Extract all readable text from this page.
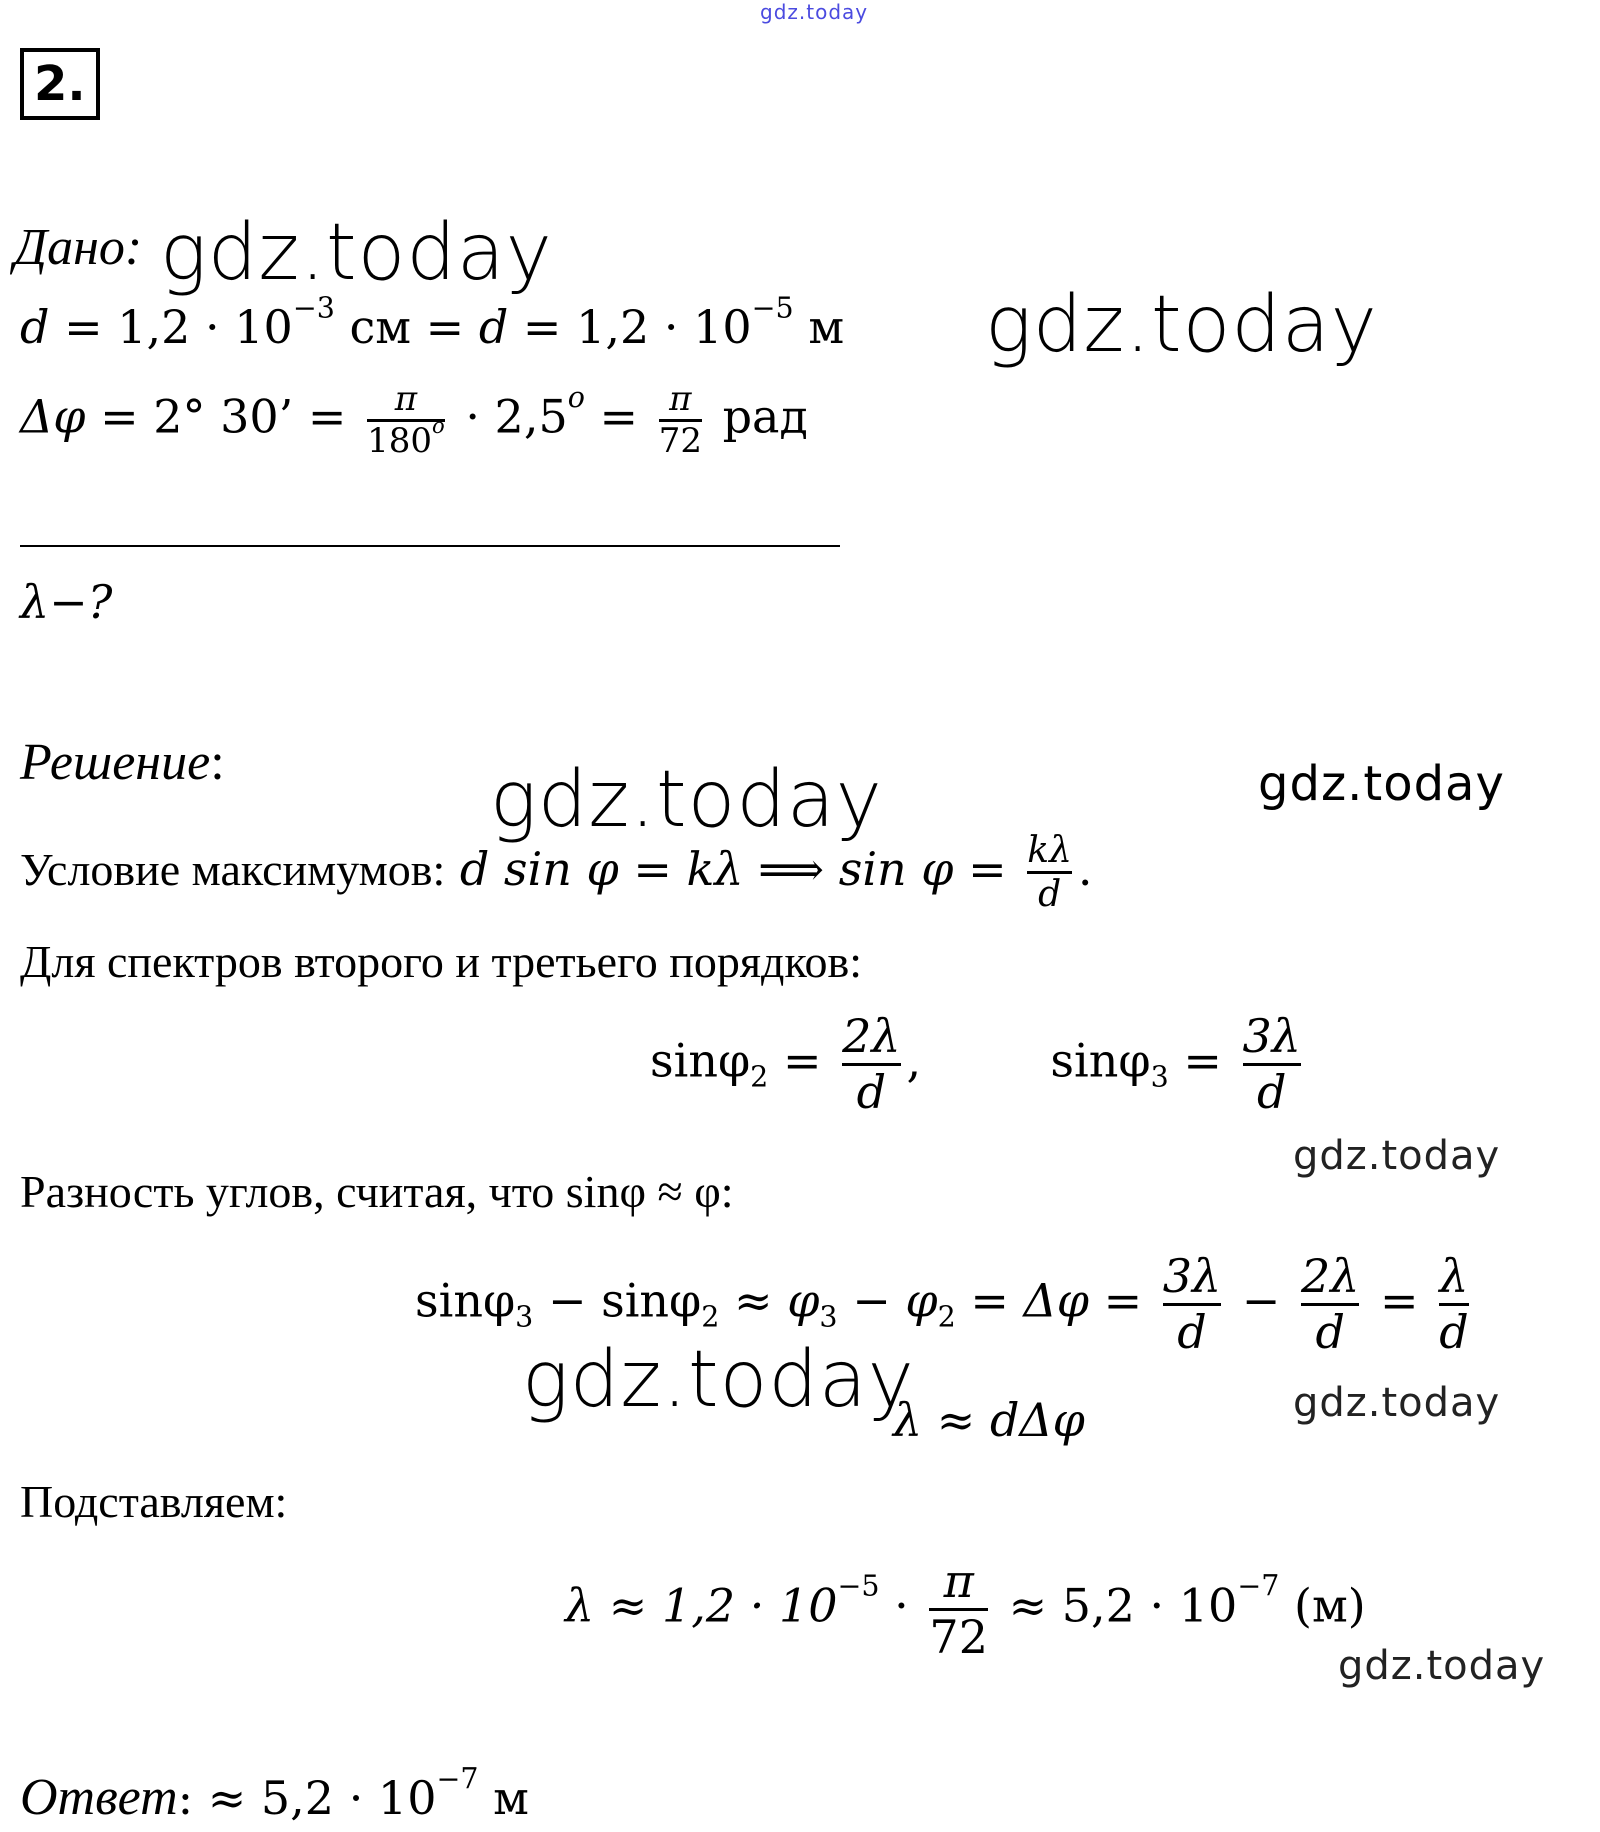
gdz.today
2.
Дано: gdz.today
$d = 1,2 \cdot 10^{-3}$ см = $d = 1,2 \cdot 10^{-5}$ м gdz.today
Δφ = 2° 30’ = $\frac{\pi}{180^o} \cdot 2,5^o = \frac{\pi}{72}$ рад
λ−?
Решение:	gdz.today	gdz.today
Условие максимумов: d sin φ = kλ ⟹ $\sin \varphi = \frac{k\lambda}{d}$ .
Для спектров второго и третьего порядков:
$\sin\varphi_2 = \frac{2\lambda}{d}$ ,	$\sin\varphi_3 = \frac{3\lambda}{d}$
gdz.today
Разность углов, считая, что sinφ ≈ φ:
$\sin\varphi_3 - \sin\varphi_2 \approx \varphi_3 - \varphi_2 = \Delta\varphi = \frac{3\lambda}{d} - \frac{2\lambda}{d} = \frac{\lambda}{d}$
gdz.today
λ ≈ dΔφ	gdz.today
Подставляем:
$\lambda \approx 1,2 \cdot 10^{-5} \cdot \frac{\pi}{72} \approx 5,2 \cdot 10^{-7}$ (м)
gdz.today
Ответ: ≈ $5,2 \cdot 10^{-7}$ м
